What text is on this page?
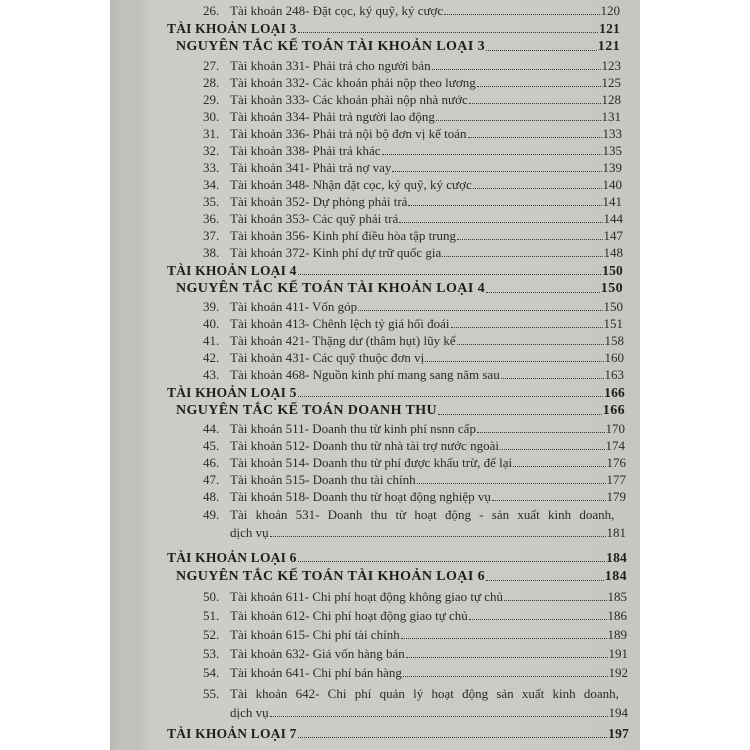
26. Tài khoản 248- Đặt cọc, ký quỹ, ký cược	120
TÀI KHOẢN LOẠI 3	121
NGUYÊN TẮC KẾ TOÁN TÀI KHOẢN LOẠI 3	121
27. Tài khoản 331- Phải trả cho người bán	123
28. Tài khoản 332- Các khoản phải nộp theo lương	125
29. Tài khoản 333- Các khoản phải nộp nhà nước	128
30. Tài khoản 334- Phải trả người lao động	131
31. Tài khoản 336- Phải trả nội bộ đơn vị kế toán	133
32. Tài khoản 338- Phải trả khác	135
33. Tài khoản 341- Phải trả nợ vay	139
34. Tài khoản 348- Nhận đặt cọc, ký quỹ, ký cược	140
35. Tài khoản 352- Dự phòng phải trả	141
36. Tài khoản 353- Các quỹ phải trả	144
37. Tài khoản 356- Kinh phí điều hòa tập trung	147
38. Tài khoản 372- Kinh phí dự trữ quốc gia	148
TÀI KHOẢN LOẠI 4	150
NGUYÊN TẮC KẾ TOÁN TÀI KHOẢN LOẠI 4	150
39. Tài khoản 411- Vốn góp	150
40. Tài khoản 413- Chênh lệch tỷ giá hối đoái	151
41. Tài khoản 421- Thặng dư (thâm hụt) lũy kế	158
42. Tài khoản 431- Các quỹ thuộc đơn vị	160
43. Tài khoản 468- Nguồn kinh phí mang sang năm sau	163
TÀI KHOẢN LOẠI 5	166
NGUYÊN TẮC KẾ TOÁN DOANH THU	166
44. Tài khoản 511- Doanh thu từ kinh phí nsnn cấp	170
45. Tài khoản 512- Doanh thu từ nhà tài trợ nước ngoài	174
46. Tài khoản 514- Doanh thu từ phí được khấu trừ, để lại	176
47. Tài khoản 515- Doanh thu tài chính	177
48. Tài khoản 518- Doanh thu từ hoạt động nghiệp vụ	179
49. Tài khoản 531- Doanh thu từ hoạt động - sản xuất kinh doanh,
dịch vụ	181
TÀI KHOẢN LOẠI 6	184
NGUYÊN TẮC KẾ TOÁN TÀI KHOẢN LOẠI 6	184
50. Tài khoản 611- Chi phí hoạt động không giao tự chủ	185
51. Tài khoản 612- Chi phí hoạt động giao tự chủ	186
52. Tài khoản 615- Chi phí tài chính	189
53. Tài khoản 632- Giá vốn hàng bán	191
54. Tài khoản 641- Chi phí bán hàng	192
55. Tài khoản 642- Chi phí quản lý hoạt động sản xuất kinh doanh,
dịch vụ	194
TÀI KHOẢN LOẠI 7	197
